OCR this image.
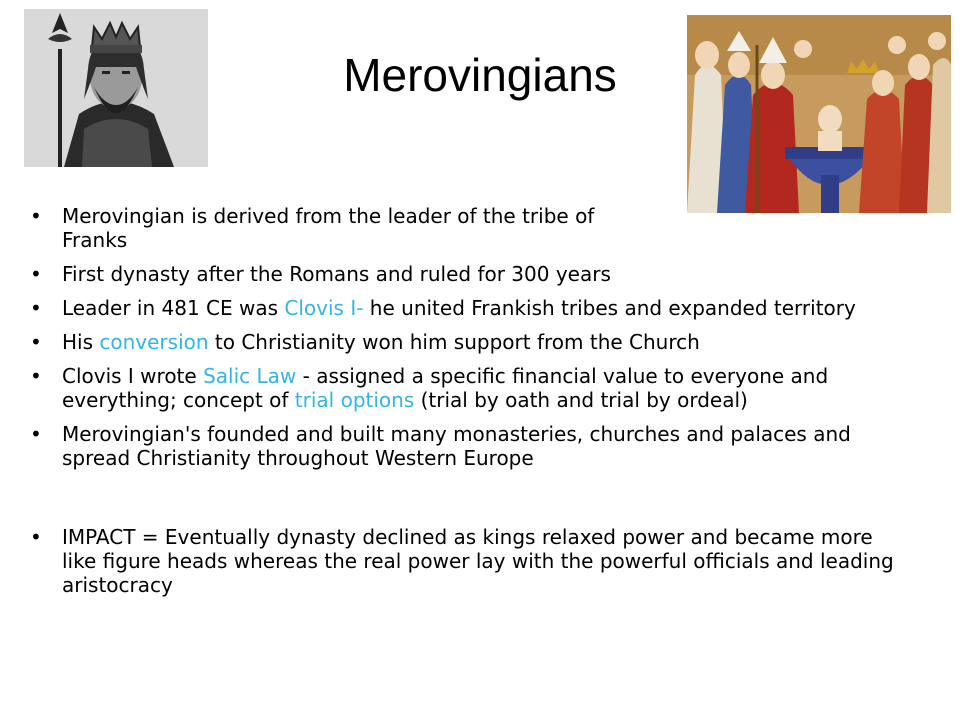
Merovingians
•	Merovingian is derived from the leader of the tribe of Franks
•	First dynasty after the Romans and ruled for 300 years
•	Leader in 481 CE was Clovis I- he united Frankish tribes and expanded territory
•	His conversion to Christianity won him support from the Church
•	Clovis I wrote Salic Law - assigned a specific financial value to everyone and everything; concept of trial options (trial by oath and trial by ordeal)
•	Merovingian's founded and built many monasteries, churches and palaces and spread Christianity throughout Western Europe
•	IMPACT = Eventually dynasty declined as kings relaxed power and became more like figure heads whereas the real power lay with the powerful officials and leading aristocracy
